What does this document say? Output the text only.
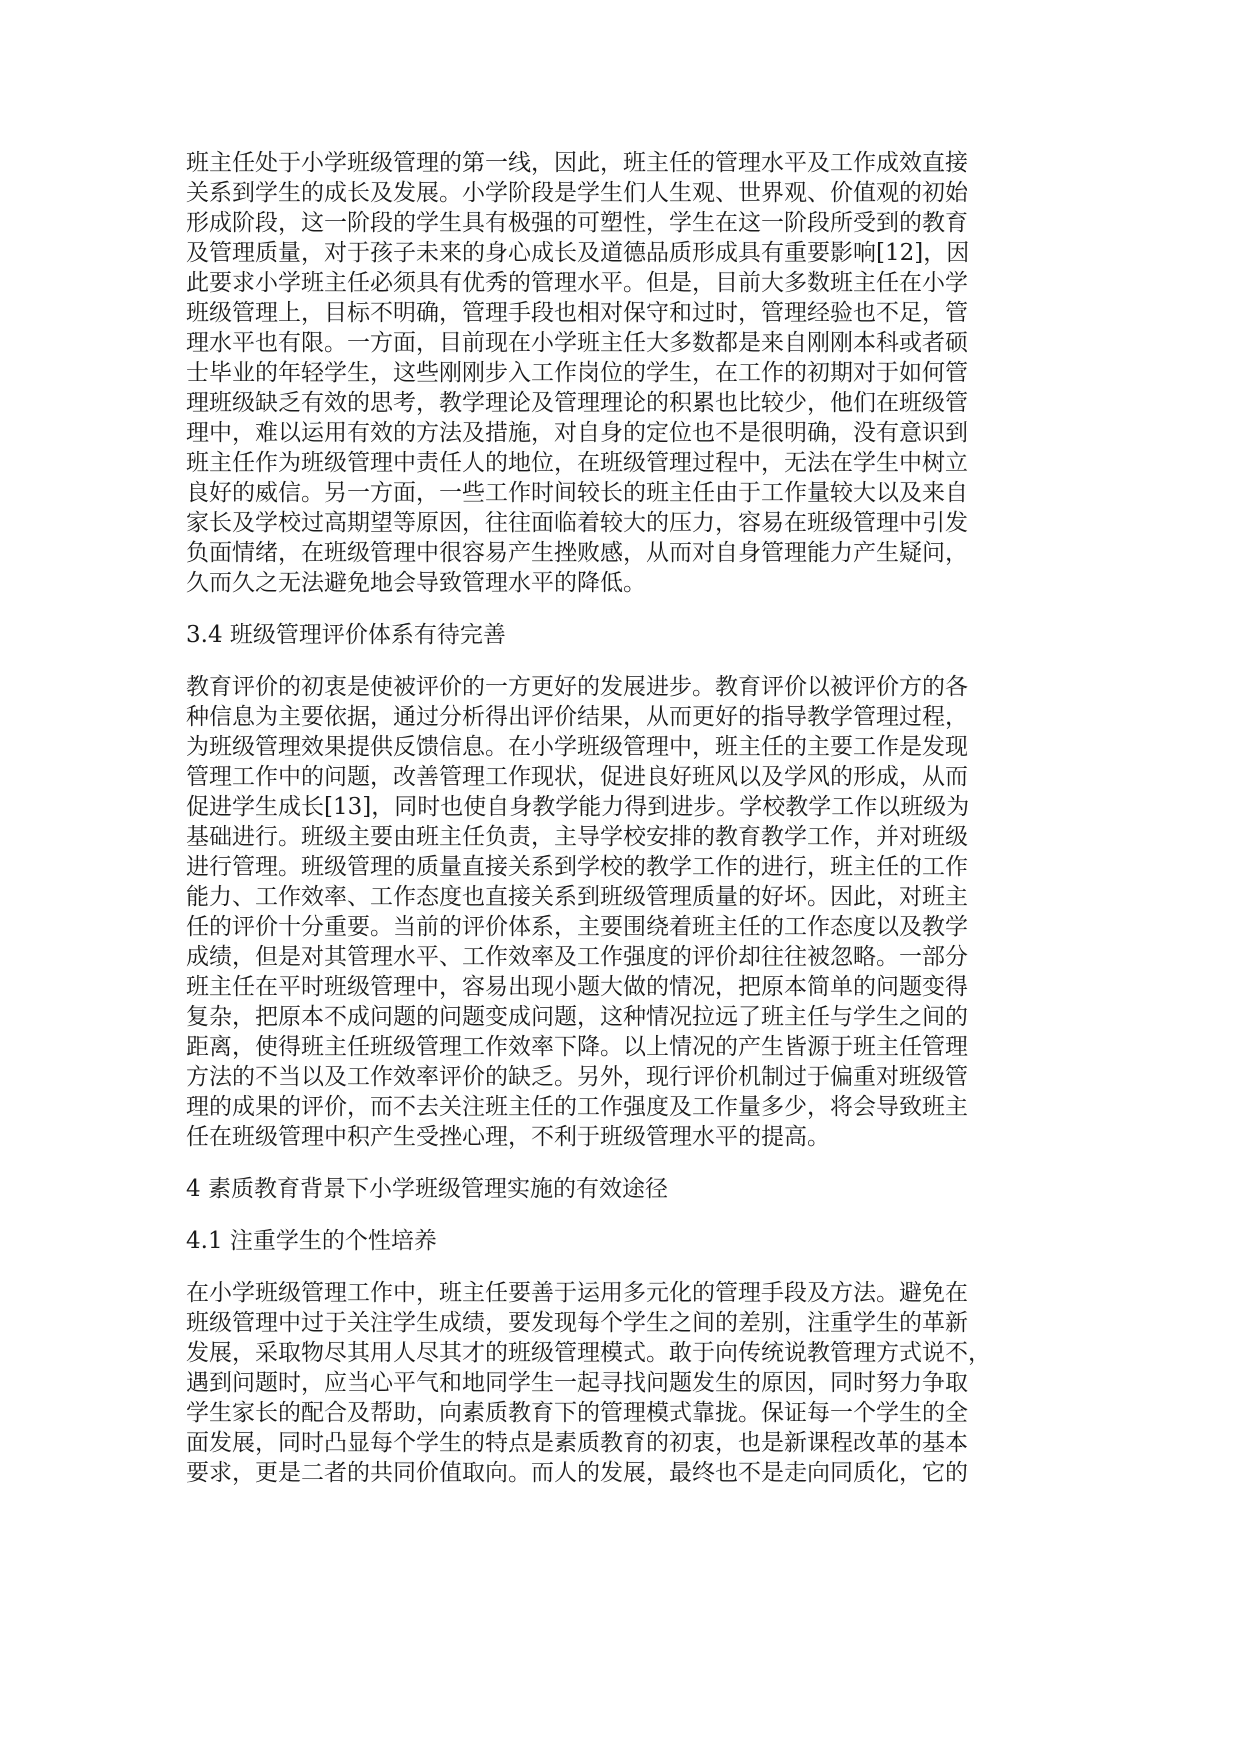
班主任处于小学班级管理的第一线，因此，班主任的管理水平及工作成效直接
关系到学生的成长及发展。小学阶段是学生们人生观、世界观、价值观的初始
形成阶段，这一阶段的学生具有极强的可塑性，学生在这一阶段所受到的教育
及管理质量，对于孩子未来的身心成长及道德品质形成具有重要影响[12]，因
此要求小学班主任必须具有优秀的管理水平。但是，目前大多数班主任在小学
班级管理上，目标不明确，管理手段也相对保守和过时，管理经验也不足，管
理水平也有限。一方面，目前现在小学班主任大多数都是来自刚刚本科或者硕
士毕业的年轻学生，这些刚刚步入工作岗位的学生，在工作的初期对于如何管
理班级缺乏有效的思考，教学理论及管理理论的积累也比较少，他们在班级管
理中，难以运用有效的方法及措施，对自身的定位也不是很明确，没有意识到
班主任作为班级管理中责任人的地位，在班级管理过程中，无法在学生中树立
良好的威信。另一方面，一些工作时间较长的班主任由于工作量较大以及来自
家长及学校过高期望等原因，往往面临着较大的压力，容易在班级管理中引发
负面情绪，在班级管理中很容易产生挫败感，从而对自身管理能力产生疑问，
久而久之无法避免地会导致管理水平的降低。
3.4 班级管理评价体系有待完善
教育评价的初衷是使被评价的一方更好的发展进步。教育评价以被评价方的各
种信息为主要依据，通过分析得出评价结果，从而更好的指导教学管理过程，
为班级管理效果提供反馈信息。在小学班级管理中，班主任的主要工作是发现
管理工作中的问题，改善管理工作现状，促进良好班风以及学风的形成，从而
促进学生成长[13]，同时也使自身教学能力得到进步。学校教学工作以班级为
基础进行。班级主要由班主任负责，主导学校安排的教育教学工作，并对班级
进行管理。班级管理的质量直接关系到学校的教学工作的进行，班主任的工作
能力、工作效率、工作态度也直接关系到班级管理质量的好坏。因此，对班主
任的评价十分重要。当前的评价体系，主要围绕着班主任的工作态度以及教学
成绩，但是对其管理水平、工作效率及工作强度的评价却往往被忽略。一部分
班主任在平时班级管理中，容易出现小题大做的情况，把原本简单的问题变得
复杂，把原本不成问题的问题变成问题，这种情况拉远了班主任与学生之间的
距离，使得班主任班级管理工作效率下降。以上情况的产生皆源于班主任管理
方法的不当以及工作效率评价的缺乏。另外，现行评价机制过于偏重对班级管
理的成果的评价，而不去关注班主任的工作强度及工作量多少，将会导致班主
任在班级管理中积产生受挫心理，不利于班级管理水平的提高。
4 素质教育背景下小学班级管理实施的有效途径
4.1 注重学生的个性培养
在小学班级管理工作中，班主任要善于运用多元化的管理手段及方法。避免在
班级管理中过于关注学生成绩，要发现每个学生之间的差别，注重学生的革新
发展，采取物尽其用人尽其才的班级管理模式。敢于向传统说教管理方式说不，
遇到问题时，应当心平气和地同学生一起寻找问题发生的原因，同时努力争取
学生家长的配合及帮助，向素质教育下的管理模式靠拢。保证每一个学生的全
面发展，同时凸显每个学生的特点是素质教育的初衷，也是新课程改革的基本
要求，更是二者的共同价值取向。而人的发展，最终也不是走向同质化，它的
